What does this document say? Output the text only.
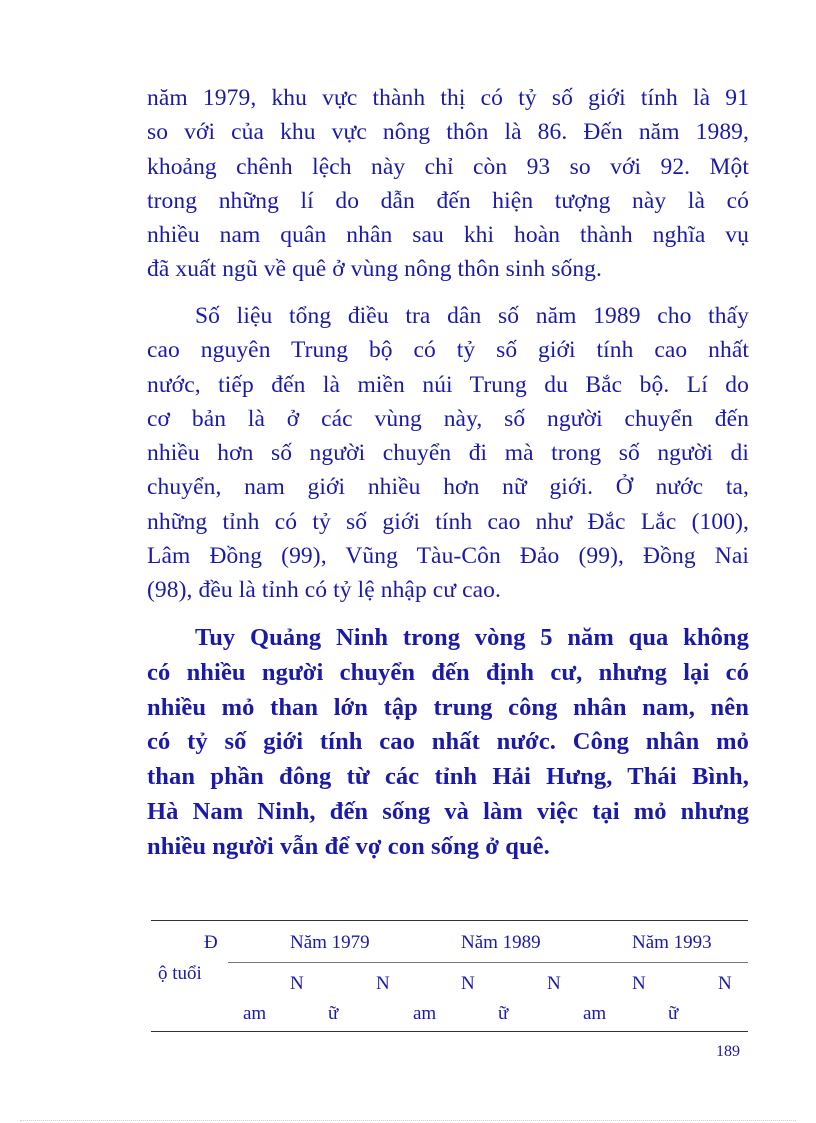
năm 1979, khu vực thành thị có tỷ số giới tính là 91
so với của khu vực nông thôn là 86. Đến năm 1989,
khoảng chênh lệch này chỉ còn 93 so với 92. Một
trong những lí do dẫn đến hiện tượng này là có
nhiều nam quân nhân sau khi hoàn thành nghĩa vụ
đã xuất ngũ về quê ở vùng nông thôn sinh sống.
Số liệu tổng điều tra dân số năm 1989 cho thấy
cao nguyên Trung bộ có tỷ số giới tính cao nhất
nước, tiếp đến là miền núi Trung du Bắc bộ. Lí do
cơ bản là ở các vùng này, số người chuyển đến
nhiều hơn số người chuyển đi mà trong số người di
chuyển, nam giới nhiều hơn nữ giới. Ở nước ta,
những tỉnh có tỷ số giới tính cao như Đắc Lắc (100),
Lâm Đồng (99), Vũng Tàu-Côn Đảo (99), Đồng Nai
(98), đều là tỉnh có tỷ lệ nhập cư cao.
Tuy Quảng Ninh trong vòng 5 năm qua không
có nhiều người chuyển đến định cư, nhưng lại có
nhiều mỏ than lớn tập trung công nhân nam, nên
có tỷ số giới tính cao nhất nước. Công nhân mỏ
than phần đông từ các tỉnh Hải Hưng, Thái Bình,
Hà Nam Ninh, đến sống và làm việc tại mỏ nhưng
nhiều người vẫn để vợ con sống ở quê.
Đ
ộ tuổi
Năm 1979	Năm 1989	Năm 1993
N	N	N	N	N	N
am	ữ	am	ữ	am	ữ
189
